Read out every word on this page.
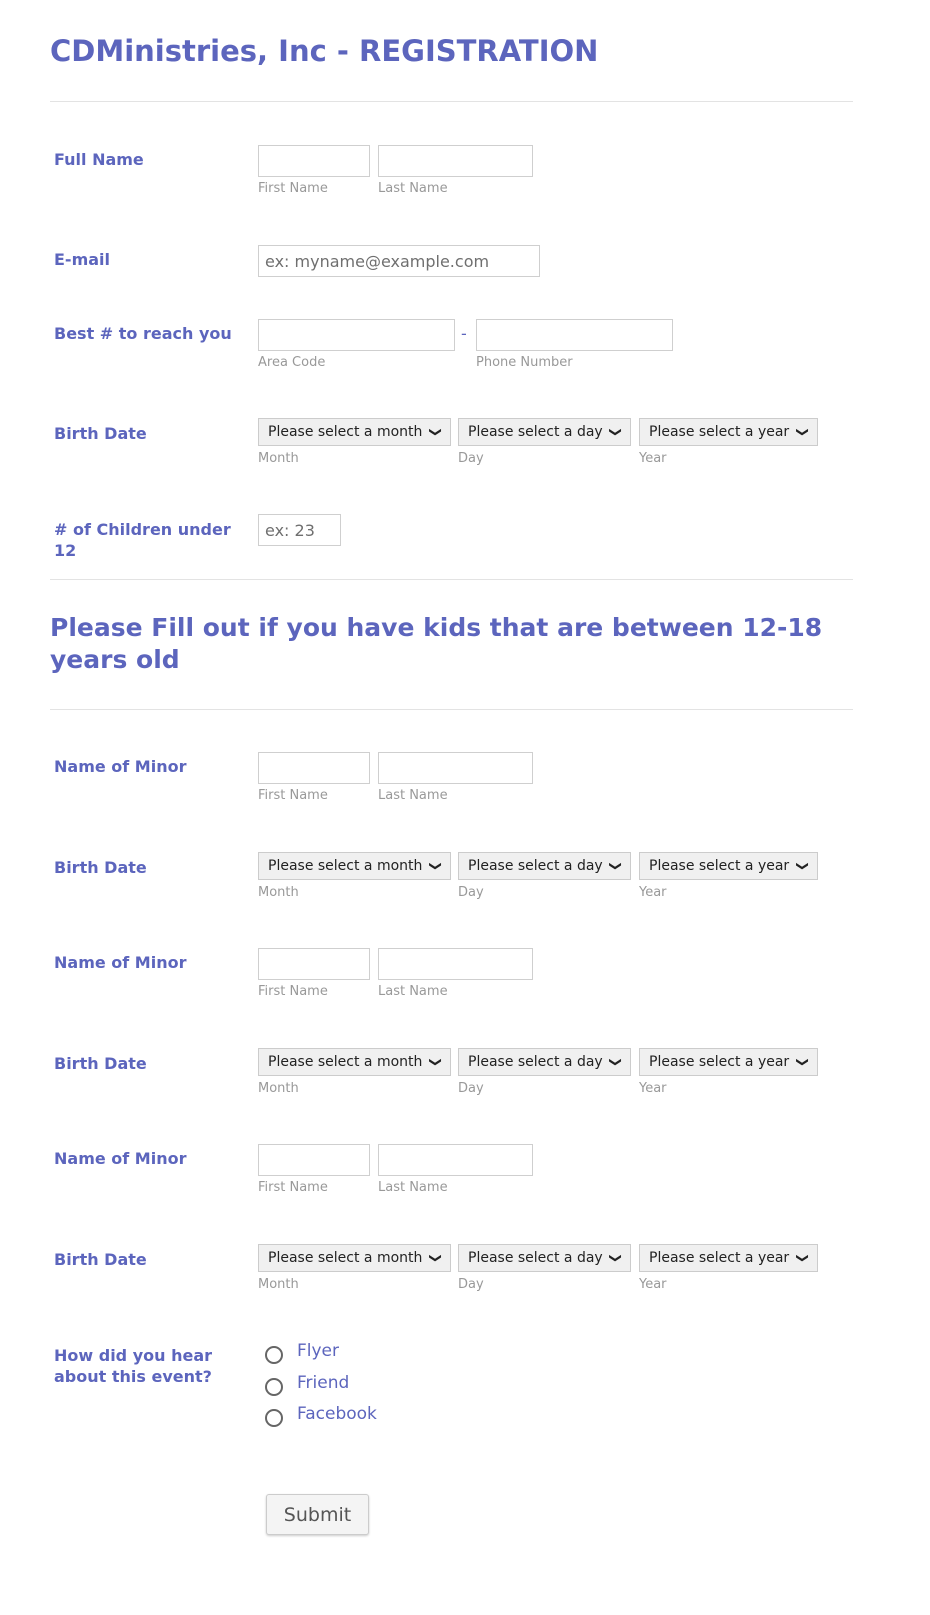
CDMinistries, Inc - REGISTRATION
Full Name
First Name	Last Name
E-mail
ex: myname@example.com
Best # to reach you	-
Area Code	Phone Number
Birth Date	Please select a month ❯ Please select a day ❯ Please select a year ❯
Month	Day	Year
# of Children under 12
ex: 23
Please Fill out if you have kids that are between 12-18 years old
Name of Minor
First Name	Last Name
Birth Date	Please select a month ❯ Please select a day ❯ Please select a year ❯
Month	Day	Year
Name of Minor
First Name	Last Name
Birth Date	Please select a month ❯ Please select a day ❯ Please select a year ❯
Month	Day	Year
Name of Minor
First Name	Last Name
Birth Date	Please select a month ❯ Please select a day ❯ Please select a year ❯
Month	Day	Year
How did you hear about this event?
Flyer
Friend
Facebook
Submit
